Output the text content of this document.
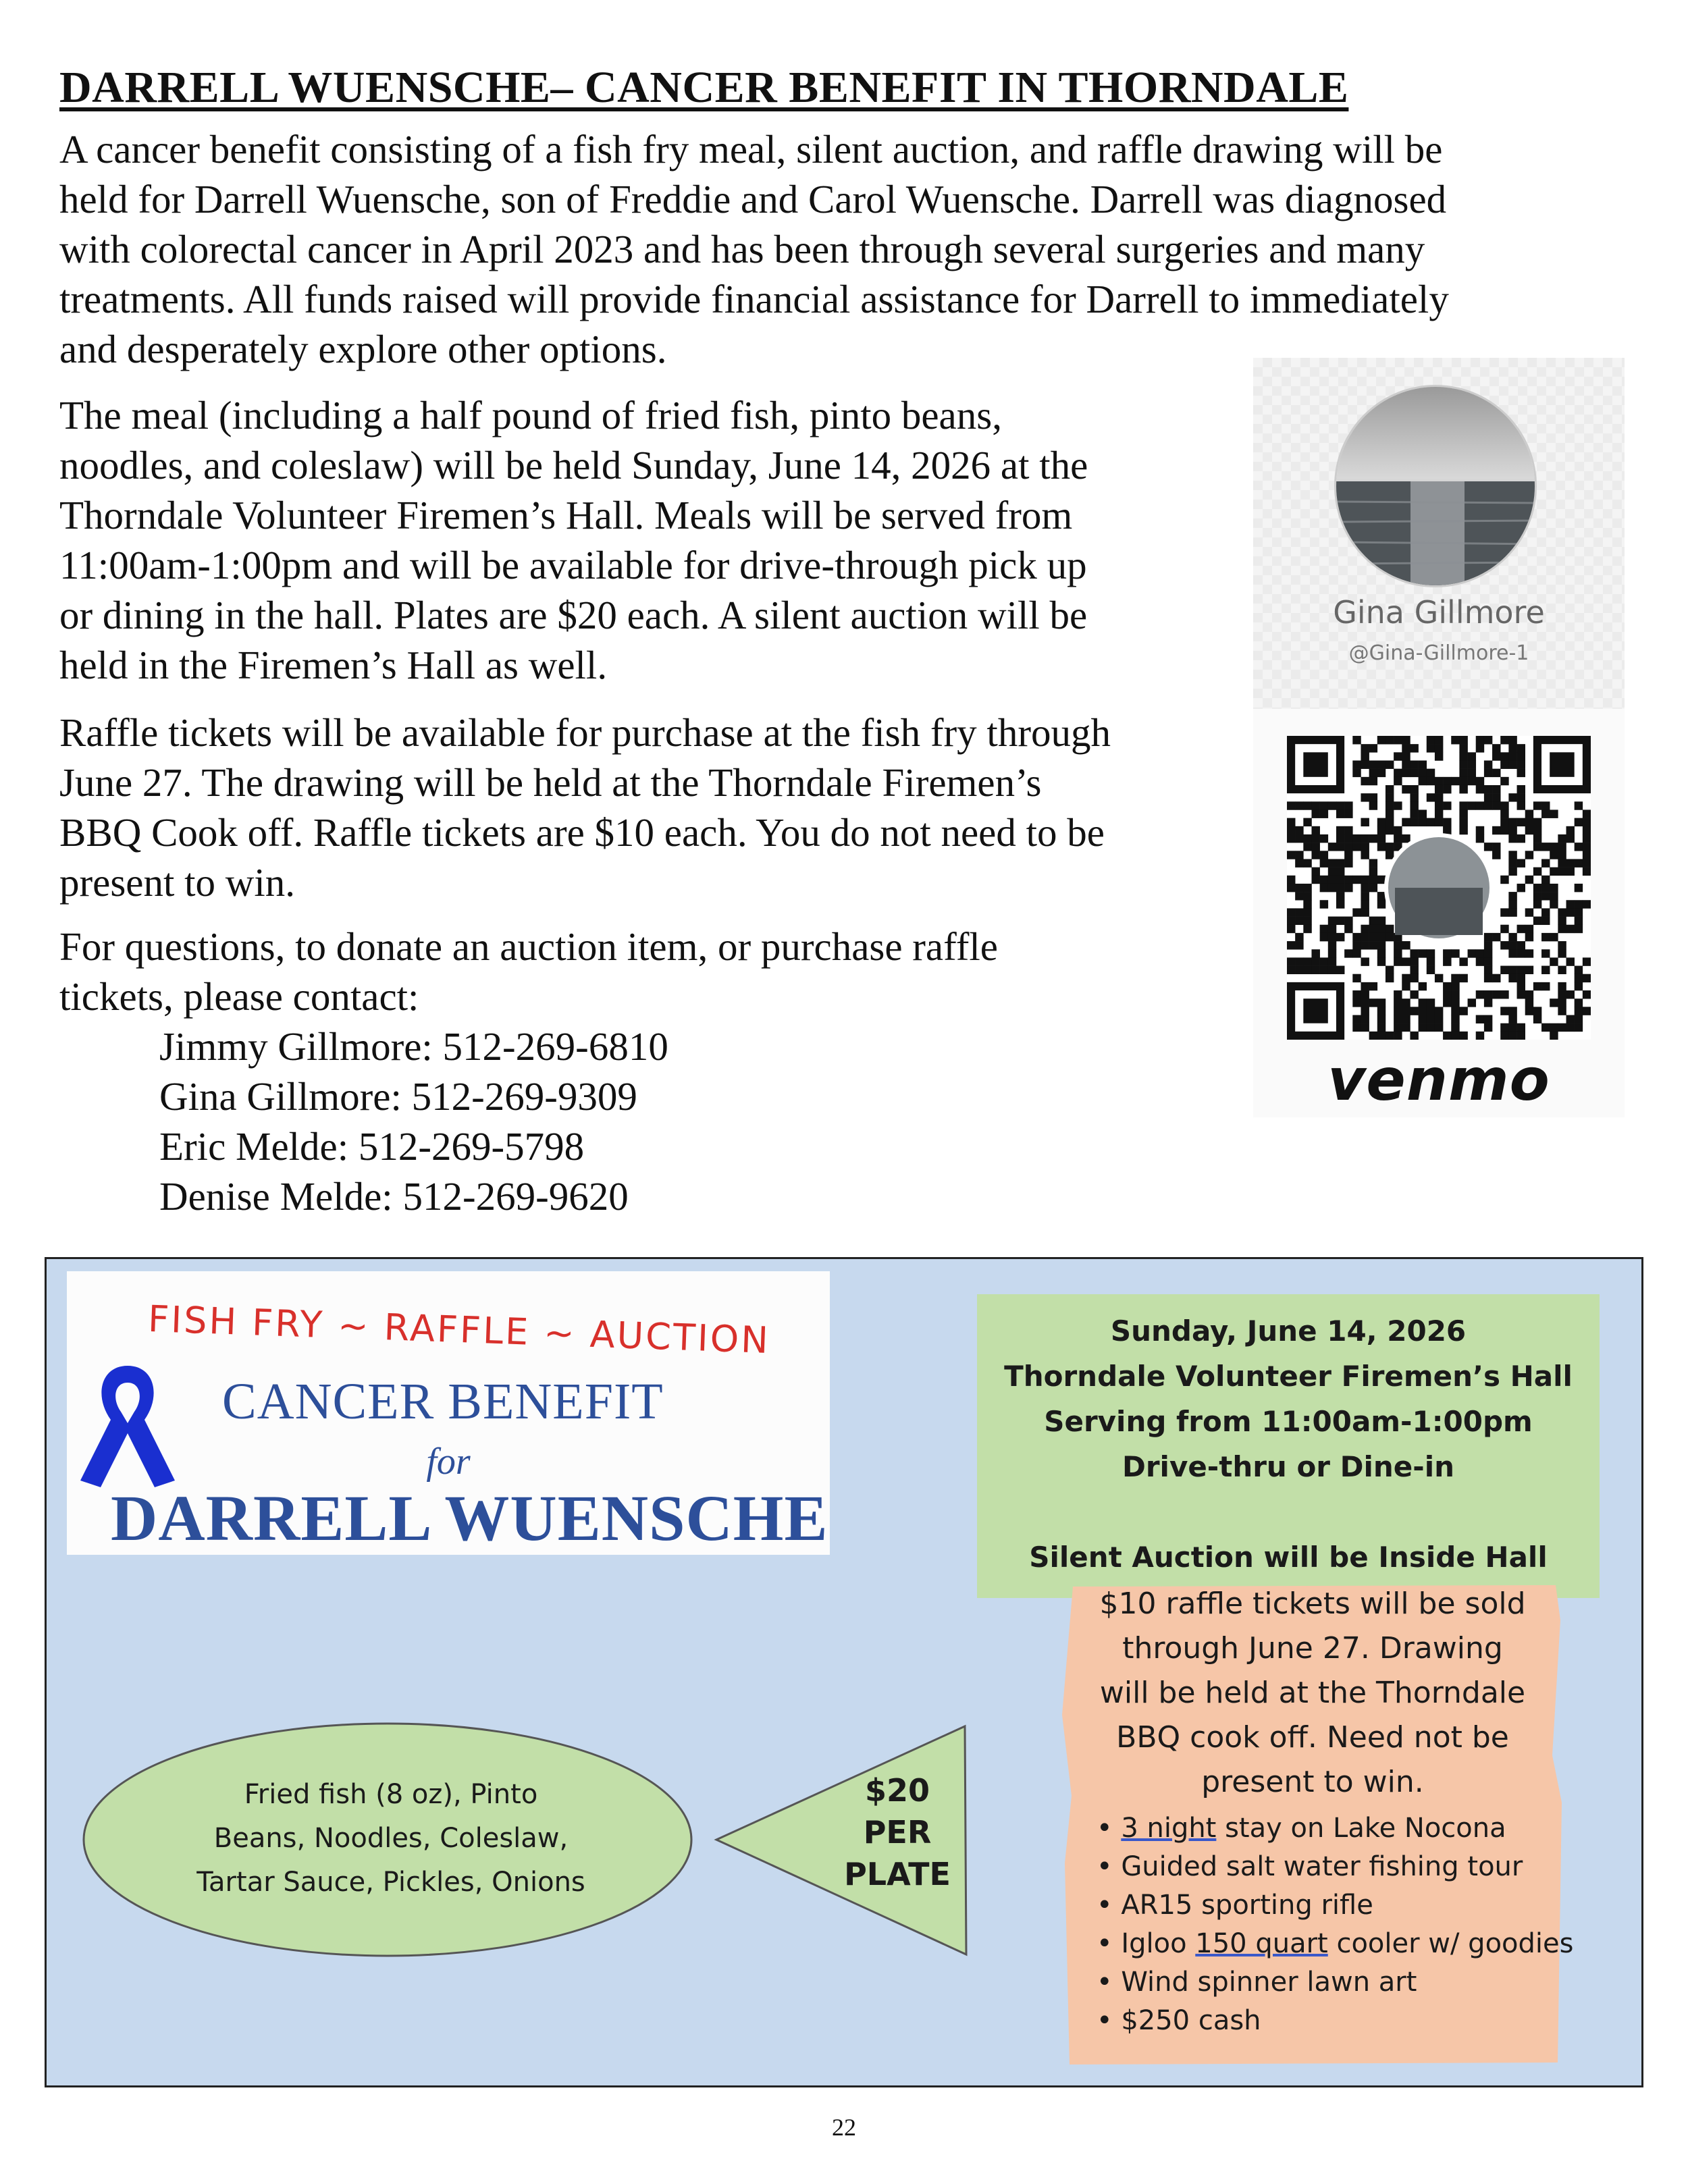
DARRELL WUENSCHE– CANCER BENEFIT IN THORNDALE
A cancer benefit consisting of a fish fry meal, silent auction, and raffle drawing will be
held for Darrell Wuensche, son of Freddie and Carol Wuensche. Darrell was diagnosed
with colorectal cancer in April 2023 and has been through several surgeries and many
treatments. All funds raised will provide financial assistance for Darrell to immediately
and desperately explore other options.
The meal (including a half pound of fried fish, pinto beans,
noodles, and coleslaw) will be held Sunday, June 14, 2026 at the
Thorndale Volunteer Firemen’s Hall. Meals will be served from
11:00am-1:00pm and will be available for drive-through pick up
or dining in the hall. Plates are $20 each. A silent auction will be
held in the Firemen’s Hall as well.
Raffle tickets will be available for purchase at the fish fry through
June 27. The drawing will be held at the Thorndale Firemen’s
BBQ Cook off. Raffle tickets are $10 each. You do not need to be
present to win.
For questions, to donate an auction item, or purchase raffle
tickets, please contact:
Jimmy Gillmore: 512-269-6810
Gina Gillmore: 512-269-9309
Eric Melde: 512-269-5798
Denise Melde: 512-269-9620
Gina Gillmore
@Gina-Gillmore-1
venmo
FISH FRY ~ RAFFLE ~ AUCTION
CANCER BENEFIT
for
DARRELL WUENSCHE
Sunday, June 14, 2026
Thorndale Volunteer Firemen’s Hall
Serving from 11:00am-1:00pm
Drive-thru or Dine-in
Silent Auction will be Inside Hall
$10 raffle tickets will be sold
through June 27. Drawing
will be held at the Thorndale
BBQ cook off. Need not be
present to win.
• 3 night stay on Lake Nocona
• Guided salt water fishing tour
• AR15 sporting rifle
• Igloo 150 quart cooler w/ goodies
• Wind spinner lawn art
• $250 cash
Fried fish (8 oz), Pinto
Beans, Noodles, Coleslaw,
Tartar Sauce, Pickles, Onions
$20
PER
PLATE
22
